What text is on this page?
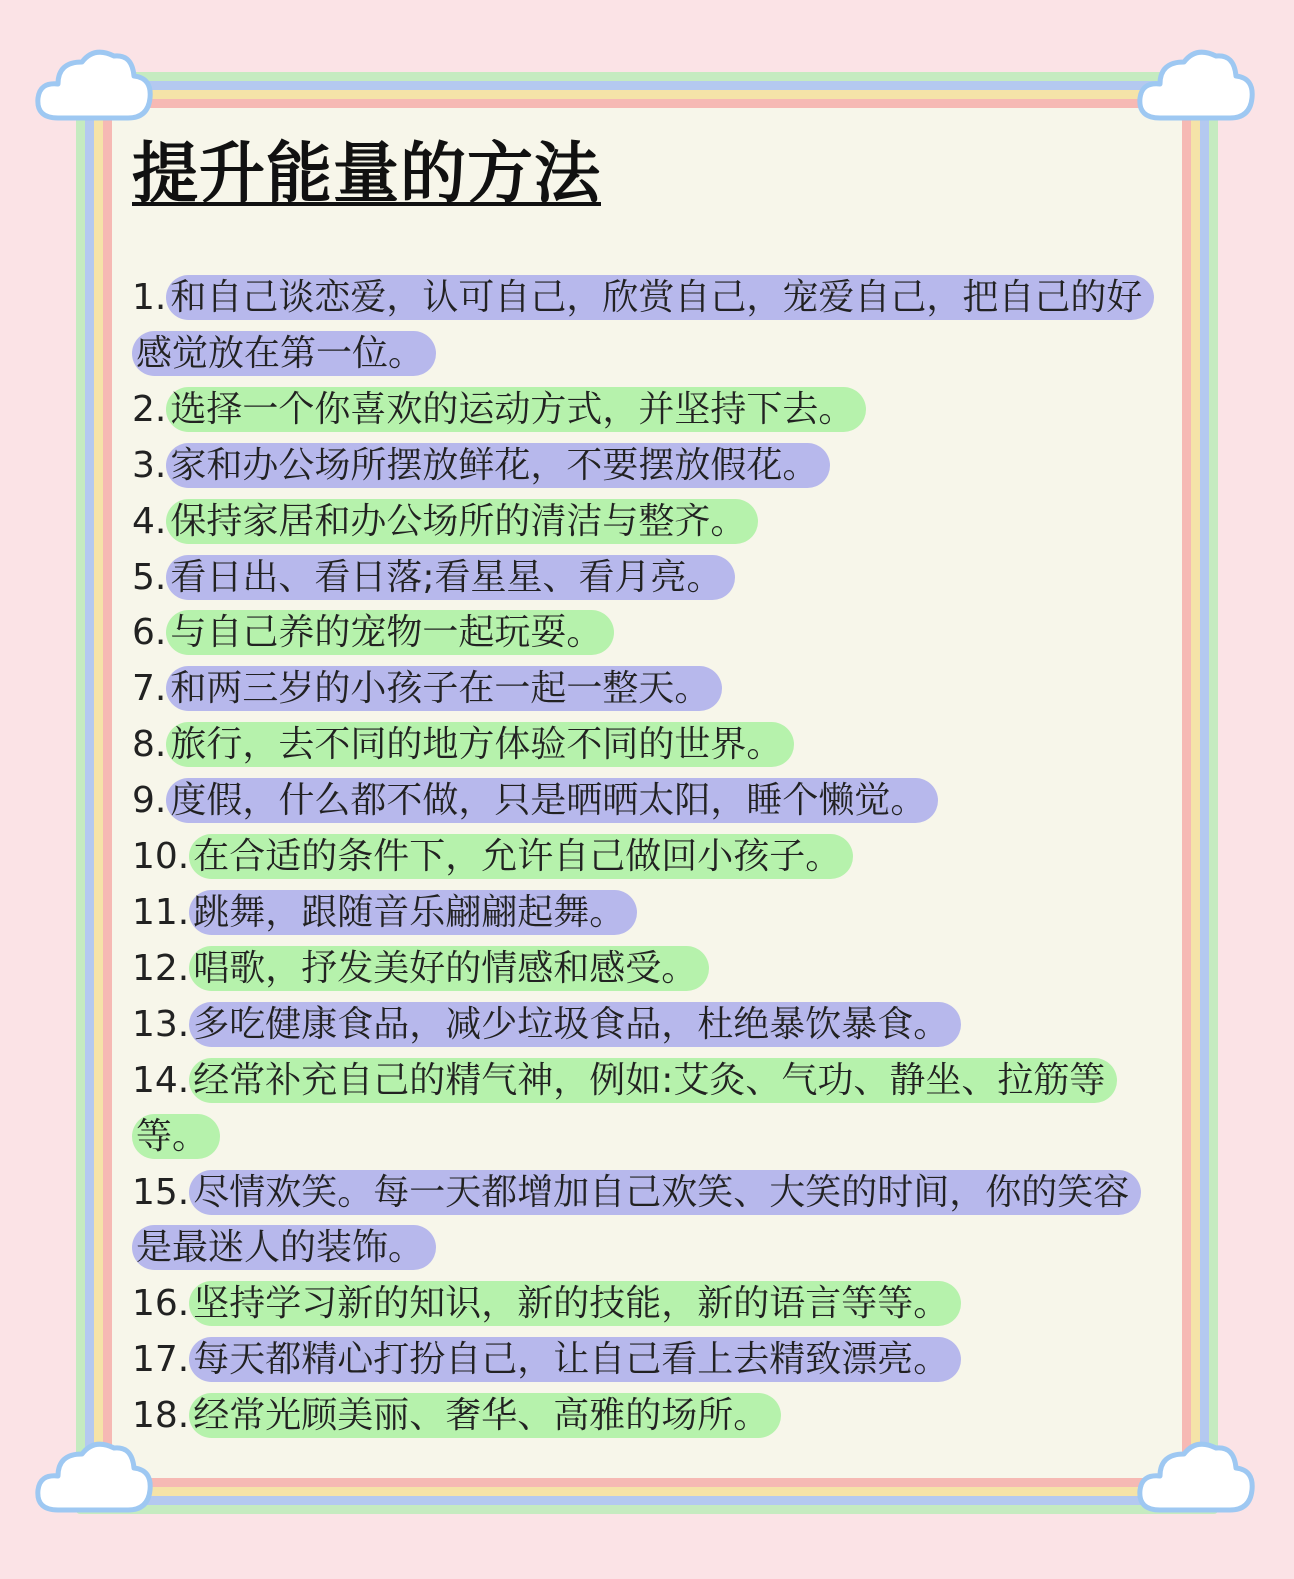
提升能量的方法

1. 和自己谈恋爱，认可自己，欣赏自己，宠爱自己，把自己的好感觉放在第一位。

2. 选择一个你喜欢的运动方式，并坚持下去。

3. 家和办公场所摆放鲜花，不要摆放假花。

4. 保持家居和办公场所的清洁与整齐。

5. 看日出、看日落;看星星、看月亮。

6. 与自己养的宠物一起玩耍。

7. 和两三岁的小孩子在一起一整天。

8. 旅行，去不同的地方体验不同的世界。

9. 度假，什么都不做，只是晒晒太阳，睡个懒觉。

10. 在合适的条件下，允许自己做回小孩子。

11. 跳舞，跟随音乐翩翩起舞。

12. 唱歌，抒发美好的情感和感受。

13. 多吃健康食品，减少垃圾食品，杜绝暴饮暴食。

14. 经常补充自己的精气神，例如:艾灸、气功、静坐、拉筋等等。

15. 尽情欢笑。每一天都增加自己欢笑、大笑的时间，你的笑容是最迷人的装饰。

16. 坚持学习新的知识，新的技能，新的语言等等。

17. 每天都精心打扮自己，让自己看上去精致漂亮。

18. 经常光顾美丽、奢华、高雅的场所。
